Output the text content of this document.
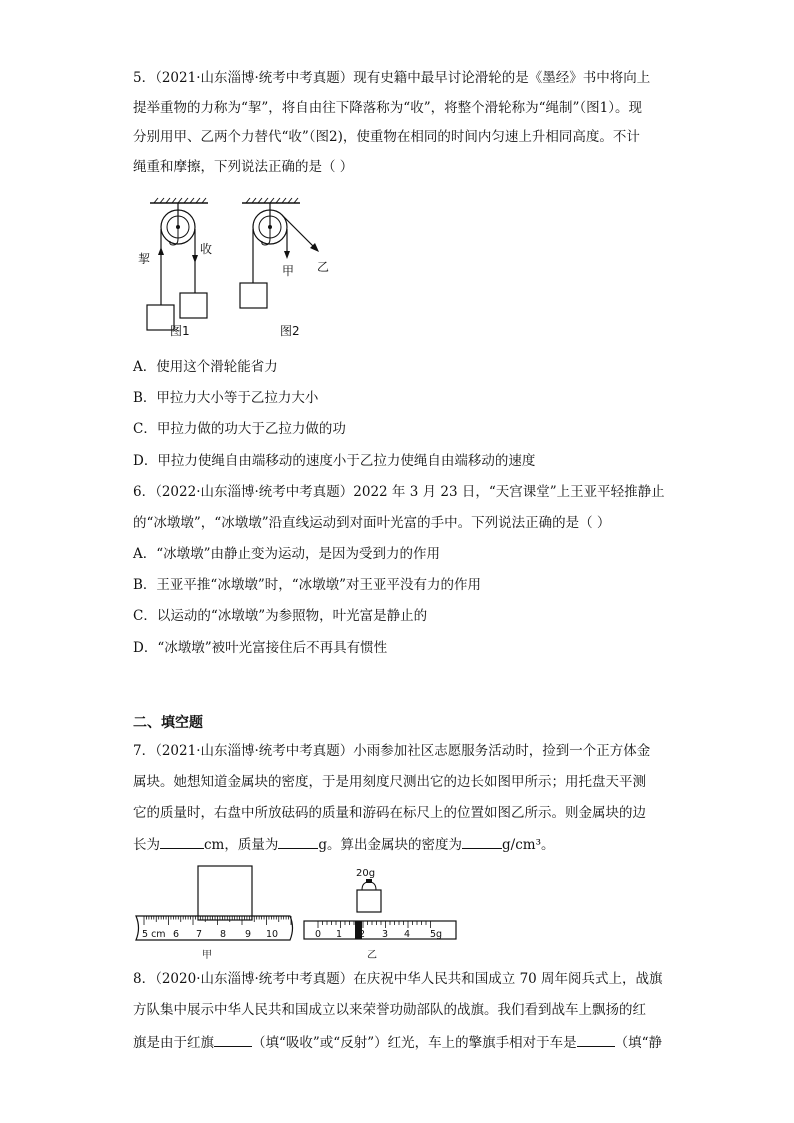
5．（2021·山东淄博·统考中考真题）现有史籍中最早讨论滑轮的是《墨经》书中将向上
提举重物的力称为“挈”，将自由往下降落称为“收”，将整个滑轮称为“绳制”（图1）。现
分别用甲、乙两个力替代“收”（图2)，使重物在相同的时间内匀速上升相同高度。不计
绳重和摩擦，下列说法正确的是（ ）
挈
收
甲 乙
图1	图2
A．使用这个滑轮能省力
B．甲拉力大小等于乙拉力大小
C．甲拉力做的功大于乙拉力做的功
D．甲拉力使绳自由端移动的速度小于乙拉力使绳自由端移动的速度
6．（2022·山东淄博·统考中考真题）2022 年 3 月 23 日，“天宫课堂”上王亚平轻推静止
的“冰墩墩”，“冰墩墩”沿直线运动到对面叶光富的手中。下列说法正确的是（ ）
A．“冰墩墩”由静止变为运动，是因为受到力的作用
B．王亚平推“冰墩墩”时，“冰墩墩”对王亚平没有力的作用
C．以运动的“冰墩墩”为参照物，叶光富是静止的
D．“冰墩墩”被叶光富接住后不再具有惯性
二、填空题
7．（2021·山东淄博·统考中考真题）小雨参加社区志愿服务活动时，捡到一个正方体金
属块。她想知道金属块的密度，于是用刻度尺测出它的边长如图甲所示；用托盘天平测
它的质量时，右盘中所放砝码的质量和游码在标尺上的位置如图乙所示。则金属块的边
长为	cm，质量为	g。算出金属块的密度为	g/cm³。
5 cm 6 7 8 9 10
甲
20g
0 1 2 3 4 5g
乙
8．（2020·山东淄博·统考中考真题）在庆祝中华人民共和国成立 70 周年阅兵式上，战旗
方队集中展示中华人民共和国成立以来荣誉功勋部队的战旗。我们看到战车上飘扬的红
旗是由于红旗	（填“吸收”或“反射”）红光，车上的擎旗手相对于车是	（填“静
